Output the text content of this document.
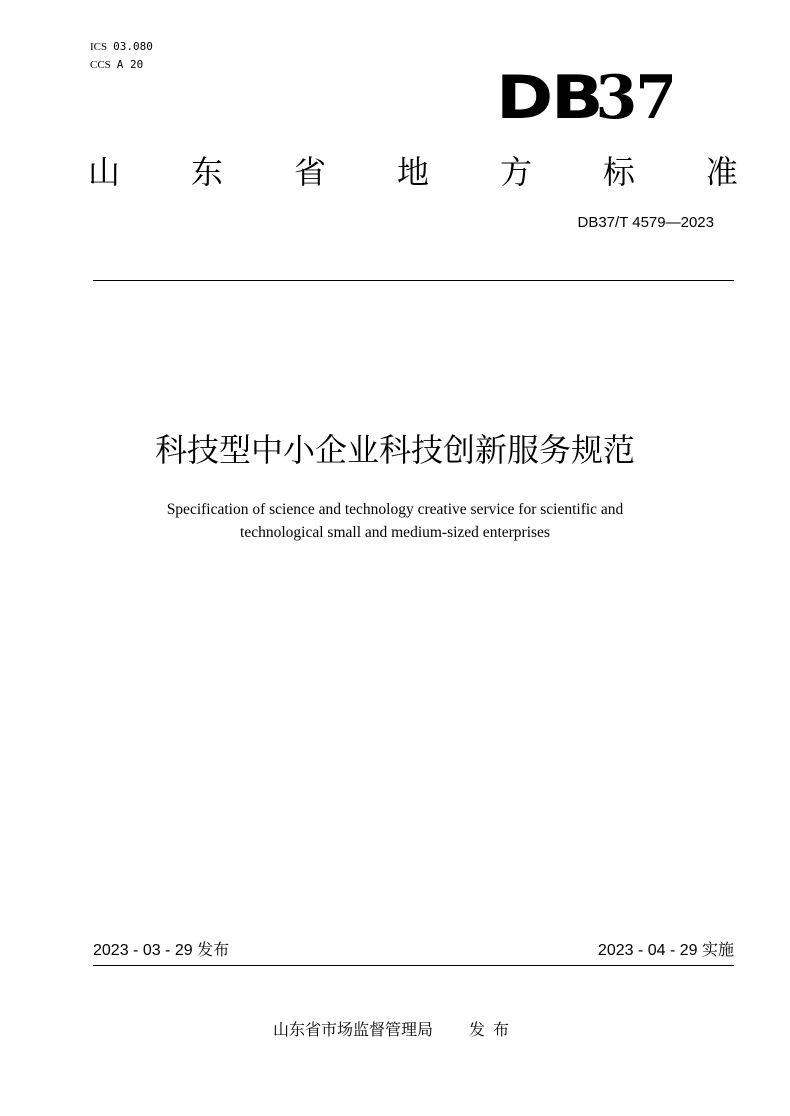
ICS 03.080
CCS A 20	DB37
山 东 省 地 方 标 准
DB37/T 4579—2023
科技型中小企业科技创新服务规范
Specification of science and technology creative service for scientific and
technological small and medium-sized enterprises
2023 - 03 - 29 发布	2023 - 04 - 29 实施
山东省市场监督管理局 发布
